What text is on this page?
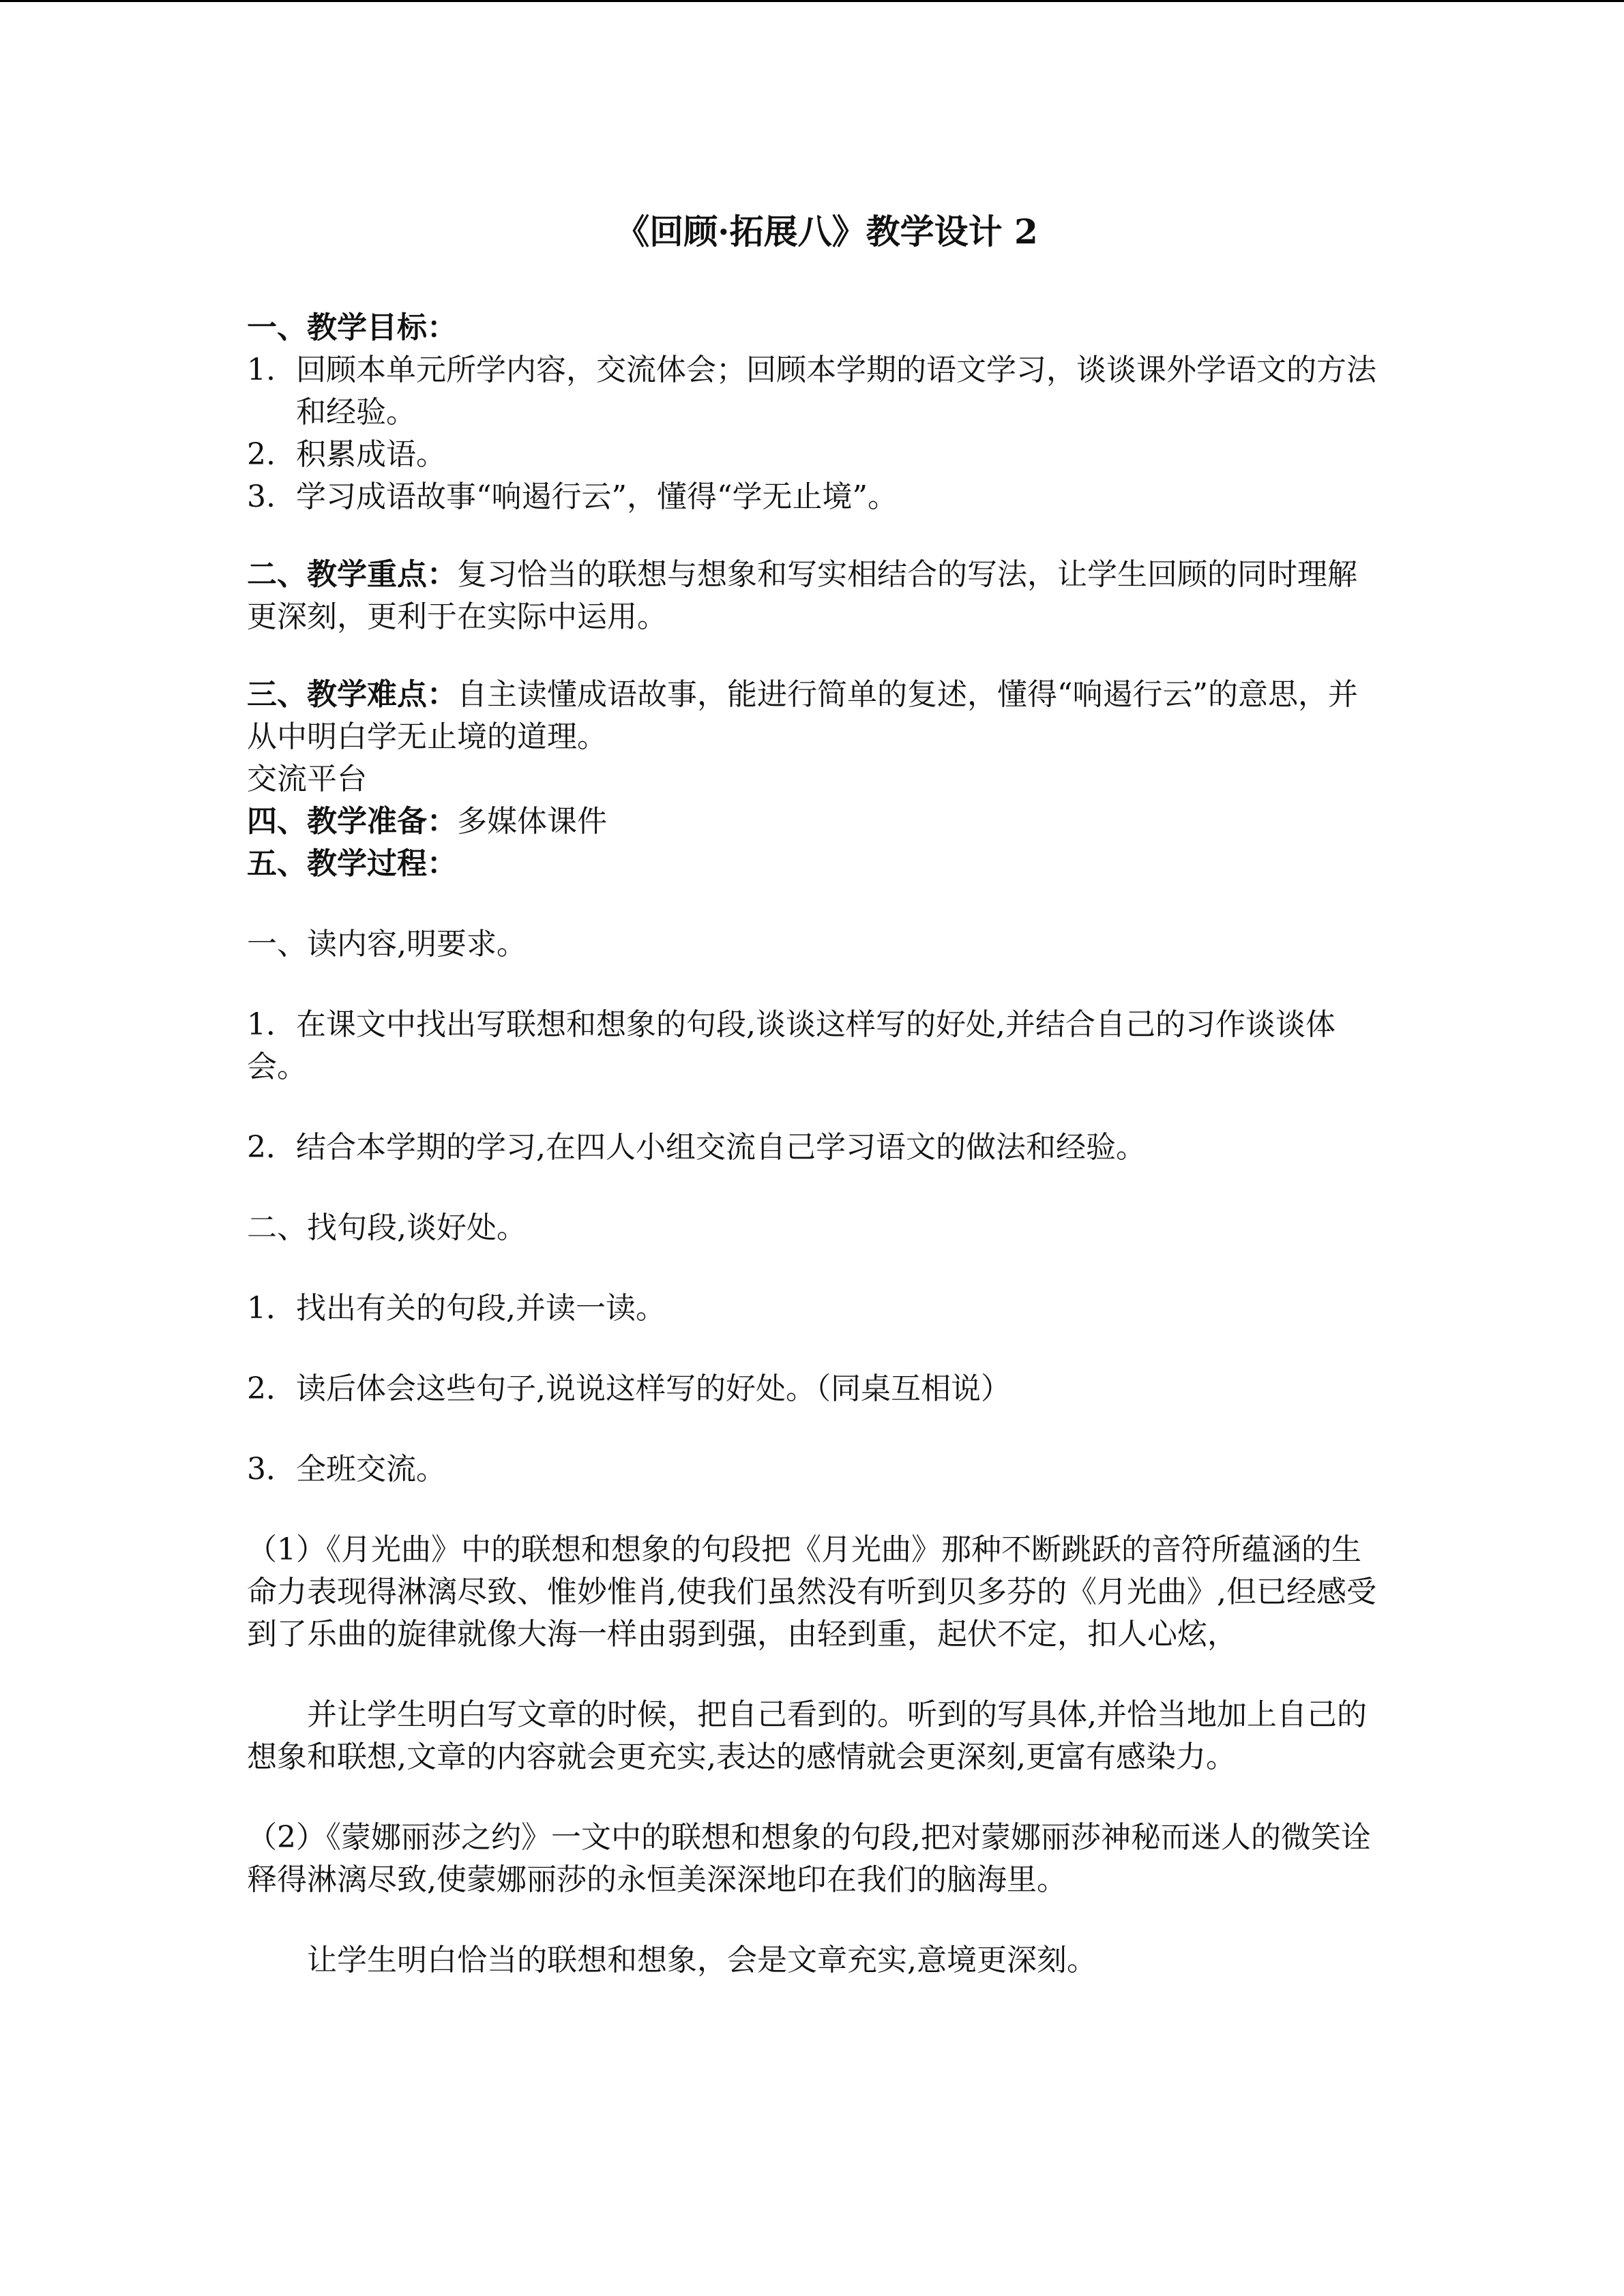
《回顾·拓展八》教学设计 2

一、教学目标：

1. 回顾本单元所学内容，交流体会；回顾本学期的语文学习，谈谈课外学语文的方法和经验。
2. 积累成语。
3. 学习成语故事“响遏行云”，懂得“学无止境”。

二、教学重点：复习恰当的联想与想象和写实相结合的写法，让学生回顾的同时理解更深刻，更利于在实际中运用。

三、教学难点：自主读懂成语故事，能进行简单的复述，懂得“响遏行云”的意思，并从中明白学无止境的道理。

交流平台

四、教学准备：多媒体课件

五、教学过程：

一、读内容,明要求。

1．在课文中找出写联想和想象的句段,谈谈这样写的好处,并结合自己的习作谈谈体会。

2．结合本学期的学习,在四人小组交流自己学习语文的做法和经验。

二、找句段,谈好处。

1．找出有关的句段,并读一读。

2．读后体会这些句子,说说这样写的好处。（同桌互相说）

3．全班交流。

（1）《月光曲》中的联想和想象的句段把《月光曲》那种不断跳跃的音符所蕴涵的生命力表现得淋漓尽致、惟妙惟肖,使我们虽然没有听到贝多芬的《月光曲》,但已经感受到了乐曲的旋律就像大海一样由弱到强，由轻到重，起伏不定，扣人心炫，

并让学生明白写文章的时候，把自己看到的。听到的写具体,并恰当地加上自己的想象和联想,文章的内容就会更充实,表达的感情就会更深刻,更富有感染力。

（2）《蒙娜丽莎之约》一文中的联想和想象的句段,把对蒙娜丽莎神秘而迷人的微笑诠释得淋漓尽致,使蒙娜丽莎的永恒美深深地印在我们的脑海里。

让学生明白恰当的联想和想象，会是文章充实,意境更深刻。
